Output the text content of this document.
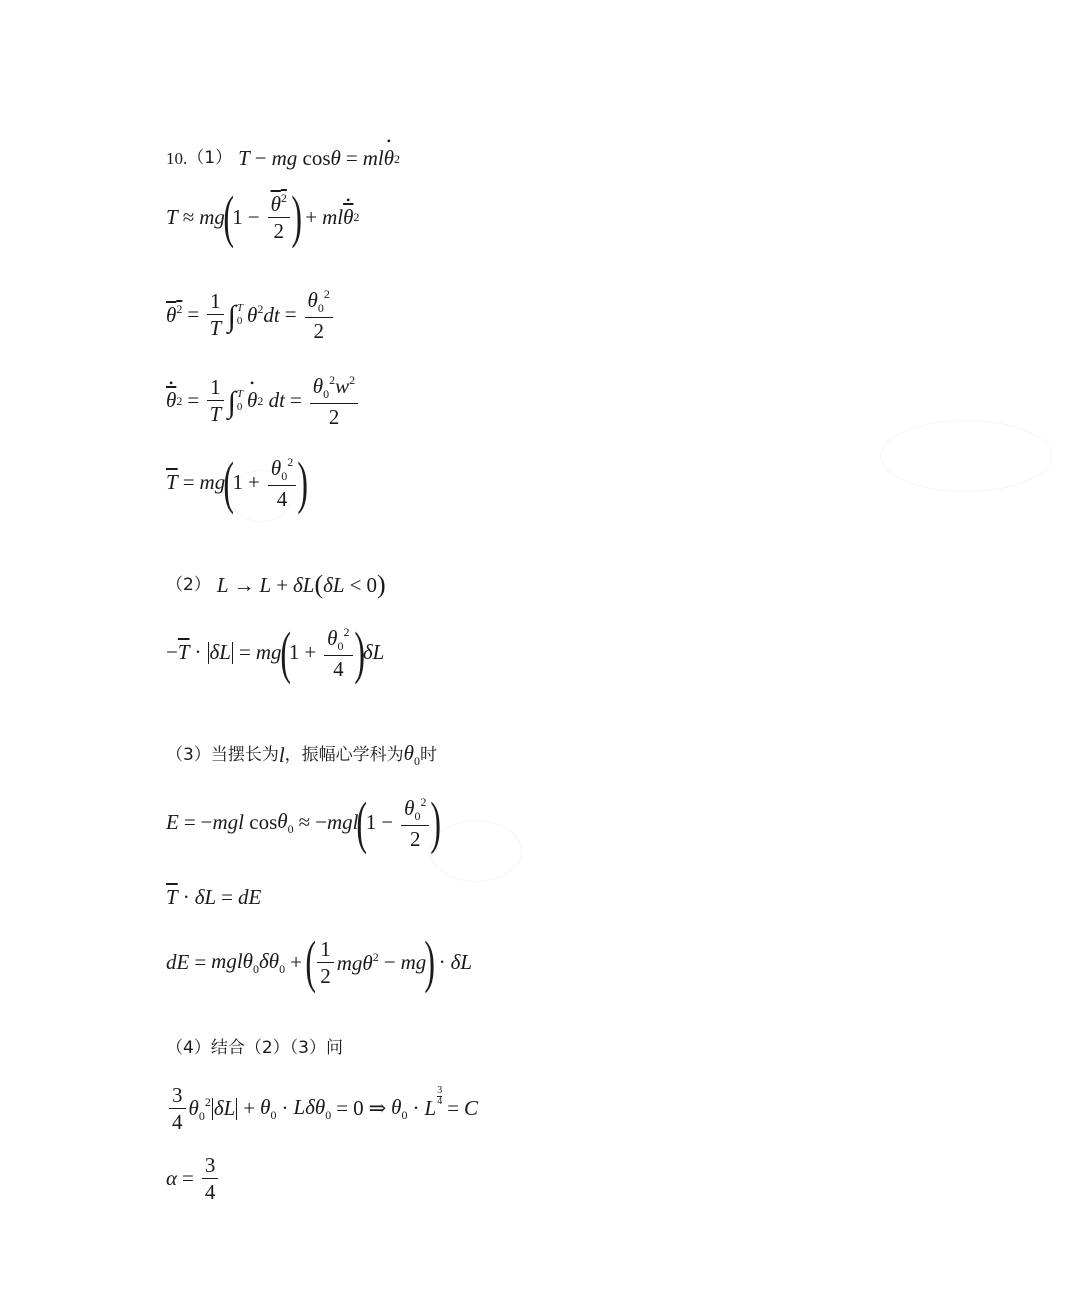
10. （1） T − mg cos θ = ml • θ 2
T ≈ mg
(
$1 - \frac{\theta^2}{2}$ ) + ml • $\overline{\theta}$ 2
$\theta^2 = \frac{1}{T}$ ∫ T
0 $\theta^2dt = \frac{\theta_0^2}{2}$
• $\overline{\theta}$ $2 = \frac{1}{T}$ ∫ T
0 • θ 2 dt = $\frac{\theta_0^2w^2}{2}$
$\overline{T}$ = mg
(
$1 + \frac{\theta_0^2}{4}$ )
（2） L → L + δL ( δL < 0 )
− $\overline{T} \cdot \delta L$ = mg
(
$1 + \frac{\theta_0^2}{4}$ )
δL
（3） 当摆长为 l ，振幅心学科为 $\theta_0$ 时
E = − mgl $\cos \theta_0$ ≈ − mgl
(
$1 - \frac{\theta_0^2}{2}$ )
$\overline{T} \cdot \delta L$ = dE
dE = $mgl\theta_0\delta\theta_0$ + ( $\frac{1}{2} mg\theta^2$ − mg
) · δL
（4） 结合（2）（3）问
$\frac{3}{4} \theta_0^2$ $\delta L + \theta_0 \cdot L\delta\theta_0 = 0$ ⇒ $\theta_0 \cdot L \frac{3}{4} = C$
$\alpha = \frac{3}{4}$
